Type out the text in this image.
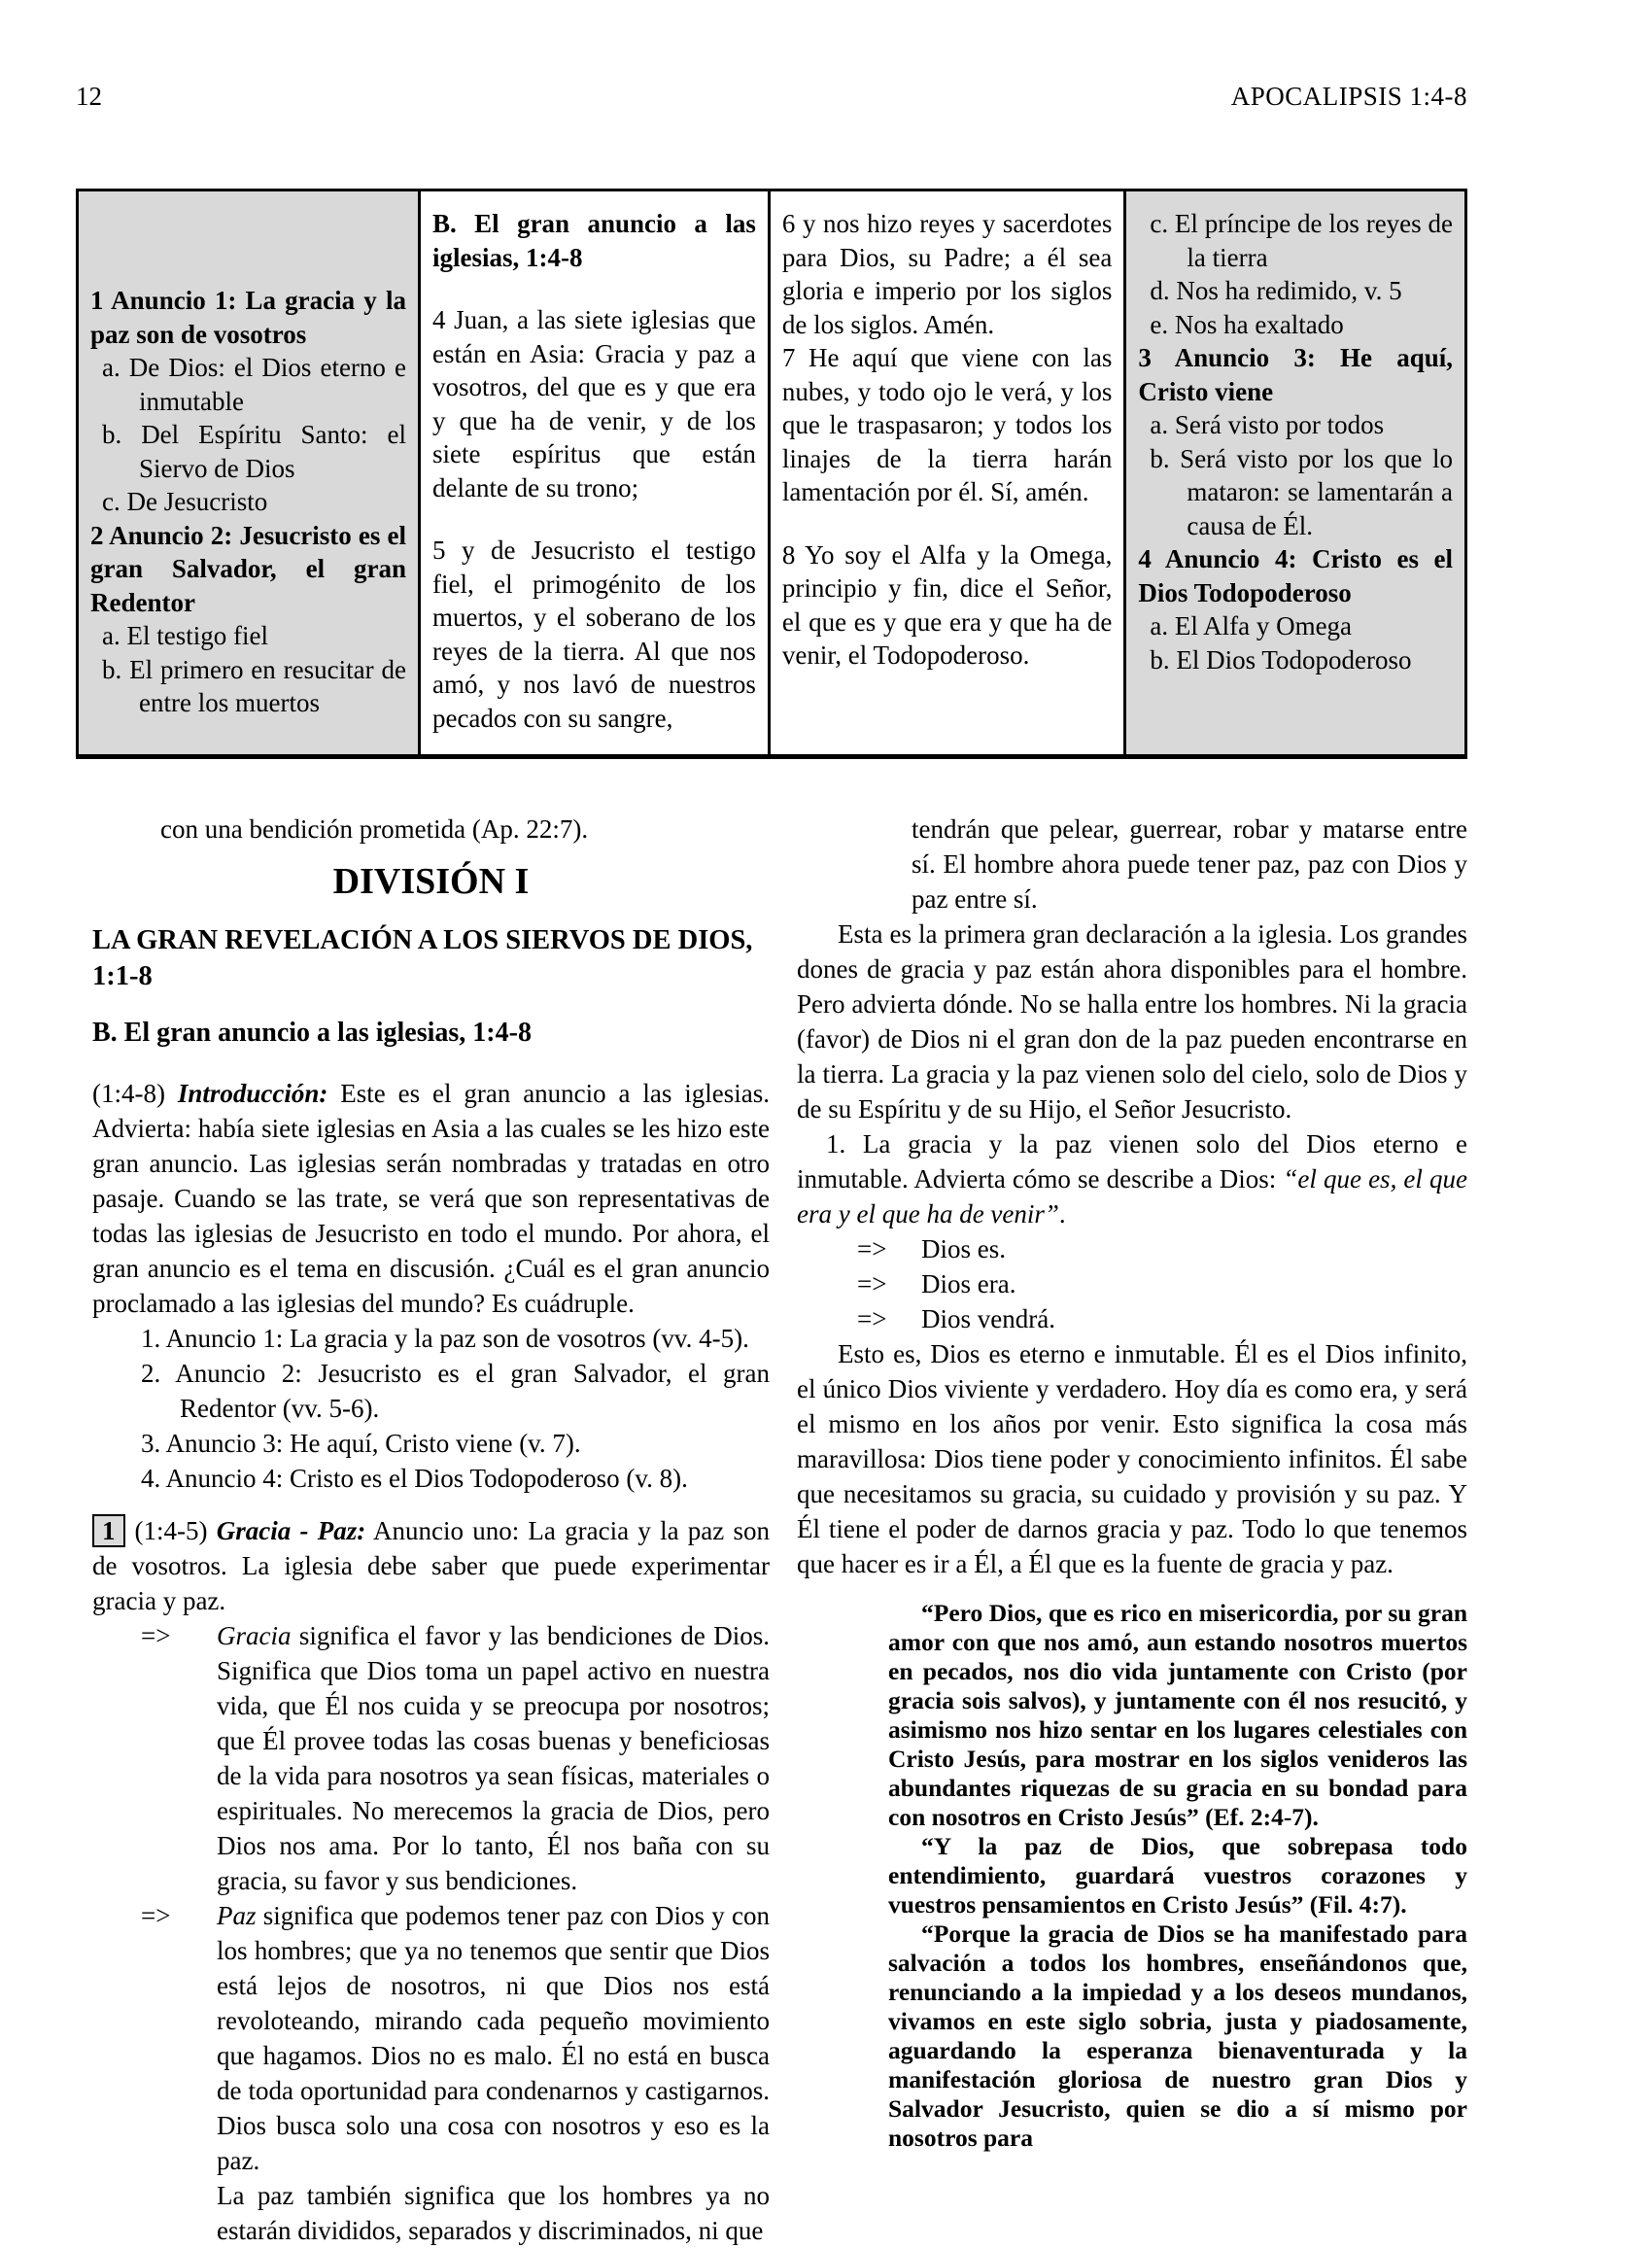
12	APOCALIPSIS 1:4-8

1 Anuncio 1: La gracia y la paz son de vosotros

a. De Dios: el Dios eterno e inmutable

b. Del Espíritu Santo: el Siervo de Dios

c. De Jesucristo

2 Anuncio 2: Jesucristo es el gran Salvador, el gran Redentor

a. El testigo fiel

b. El primero en resucitar de entre los muertos

B. El gran anuncio a las iglesias, 1:4-8

4 Juan, a las siete iglesias que están en Asia: Gracia y paz a vosotros, del que es y que era y que ha de venir, y de los siete espíritus que están delante de su trono;

5 y de Jesucristo el testigo fiel, el primogénito de los muertos, y el soberano de los reyes de la tierra. Al que nos amó, y nos lavó de nuestros pecados con su sangre,

6 y nos hizo reyes y sacerdotes para Dios, su Padre; a él sea gloria e imperio por los siglos de los siglos. Amén.

7 He aquí que viene con las nubes, y todo ojo le verá, y los que le traspasaron; y todos los linajes de la tierra harán lamentación por él. Sí, amén.

8 Yo soy el Alfa y la Omega, principio y fin, dice el Señor, el que es y que era y que ha de venir, el Todopoderoso.

c. El príncipe de los reyes de la tierra

d. Nos ha redimido, v. 5

e. Nos ha exaltado

3 Anuncio 3: He aquí, Cristo viene

a. Será visto por todos

b. Será visto por los que lo mataron: se lamentarán a causa de Él.

4 Anuncio 4: Cristo es el Dios Todopoderoso

a. El Alfa y Omega

b. El Dios Todopoderoso

con una bendición prometida (Ap. 22:7).

DIVISIÓN I
LA GRAN REVELACIÓN A LOS SIERVOS DE DIOS, 1:1-8
B. El gran anuncio a las iglesias, 1:4-8

(1:4-8) Introducción: Este es el gran anuncio a las iglesias. Advierta: había siete iglesias en Asia a las cuales se les hizo este gran anuncio. Las iglesias serán nombradas y tratadas en otro pasaje. Cuando se las trate, se verá que son representativas de todas las iglesias de Jesucristo en todo el mundo. Por ahora, el gran anuncio es el tema en discusión. ¿Cuál es el gran anuncio proclamado a las iglesias del mundo? Es cuádruple.

1. Anuncio 1: La gracia y la paz son de vosotros (vv. 4-5).

2. Anuncio 2: Jesucristo es el gran Salvador, el gran Redentor (vv. 5-6).

3. Anuncio 3: He aquí, Cristo viene (v. 7).

4. Anuncio 4: Cristo es el Dios Todopoderoso (v. 8).

1 (1:4-5) Gracia - Paz: Anuncio uno: La gracia y la paz son de vosotros. La iglesia debe saber que puede experimentar gracia y paz.

=> Gracia significa el favor y las bendiciones de Dios. Significa que Dios toma un papel activo en nuestra vida, que Él nos cuida y se preocupa por nosotros; que Él provee todas las cosas buenas y beneficiosas de la vida para nosotros ya sean físicas, materiales o espirituales. No merecemos la gracia de Dios, pero Dios nos ama. Por lo tanto, Él nos baña con su gracia, su favor y sus bendiciones.

=> Paz significa que podemos tener paz con Dios y con los hombres; que ya no tenemos que sentir que Dios está lejos de nosotros, ni que Dios nos está revoloteando, mirando cada pequeño movimiento que hagamos. Dios no es malo. Él no está en busca de toda oportunidad para condenarnos y castigarnos. Dios busca solo una cosa con nosotros y eso es la paz.

La paz también significa que los hombres ya no estarán divididos, separados y discriminados, ni que

tendrán que pelear, guerrear, robar y matarse entre sí. El hombre ahora puede tener paz, paz con Dios y paz entre sí.

Esta es la primera gran declaración a la iglesia. Los grandes dones de gracia y paz están ahora disponibles para el hombre. Pero advierta dónde. No se halla entre los hombres. Ni la gracia (favor) de Dios ni el gran don de la paz pueden encontrarse en la tierra. La gracia y la paz vienen solo del cielo, solo de Dios y de su Espíritu y de su Hijo, el Señor Jesucristo.

1. La gracia y la paz vienen solo del Dios eterno e inmutable. Advierta cómo se describe a Dios: “el que es, el que era y el que ha de venir”.

=> Dios es.

=> Dios era.

=> Dios vendrá.

Esto es, Dios es eterno e inmutable. Él es el Dios infinito, el único Dios viviente y verdadero. Hoy día es como era, y será el mismo en los años por venir. Esto significa la cosa más maravillosa: Dios tiene poder y conocimiento infinitos. Él sabe que necesitamos su gracia, su cuidado y provisión y su paz. Y Él tiene el poder de darnos gracia y paz. Todo lo que tenemos que hacer es ir a Él, a Él que es la fuente de gracia y paz.

“Pero Dios, que es rico en misericordia, por su gran amor con que nos amó, aun estando nosotros muertos en pecados, nos dio vida juntamente con Cristo (por gracia sois salvos), y juntamente con él nos resucitó, y asimismo nos hizo sentar en los lugares celestiales con Cristo Jesús, para mostrar en los siglos venideros las abundantes riquezas de su gracia en su bondad para con nosotros en Cristo Jesús” (Ef. 2:4-7).

“Y la paz de Dios, que sobrepasa todo entendimiento, guardará vuestros corazones y vuestros pensamientos en Cristo Jesús” (Fil. 4:7).

“Porque la gracia de Dios se ha manifestado para salvación a todos los hombres, enseñándonos que, renunciando a la impiedad y a los deseos mundanos, vivamos en este siglo sobria, justa y piadosamente, aguardando la esperanza bienaventurada y la manifestación gloriosa de nuestro gran Dios y Salvador Jesucristo, quien se dio a sí mismo por nosotros para
